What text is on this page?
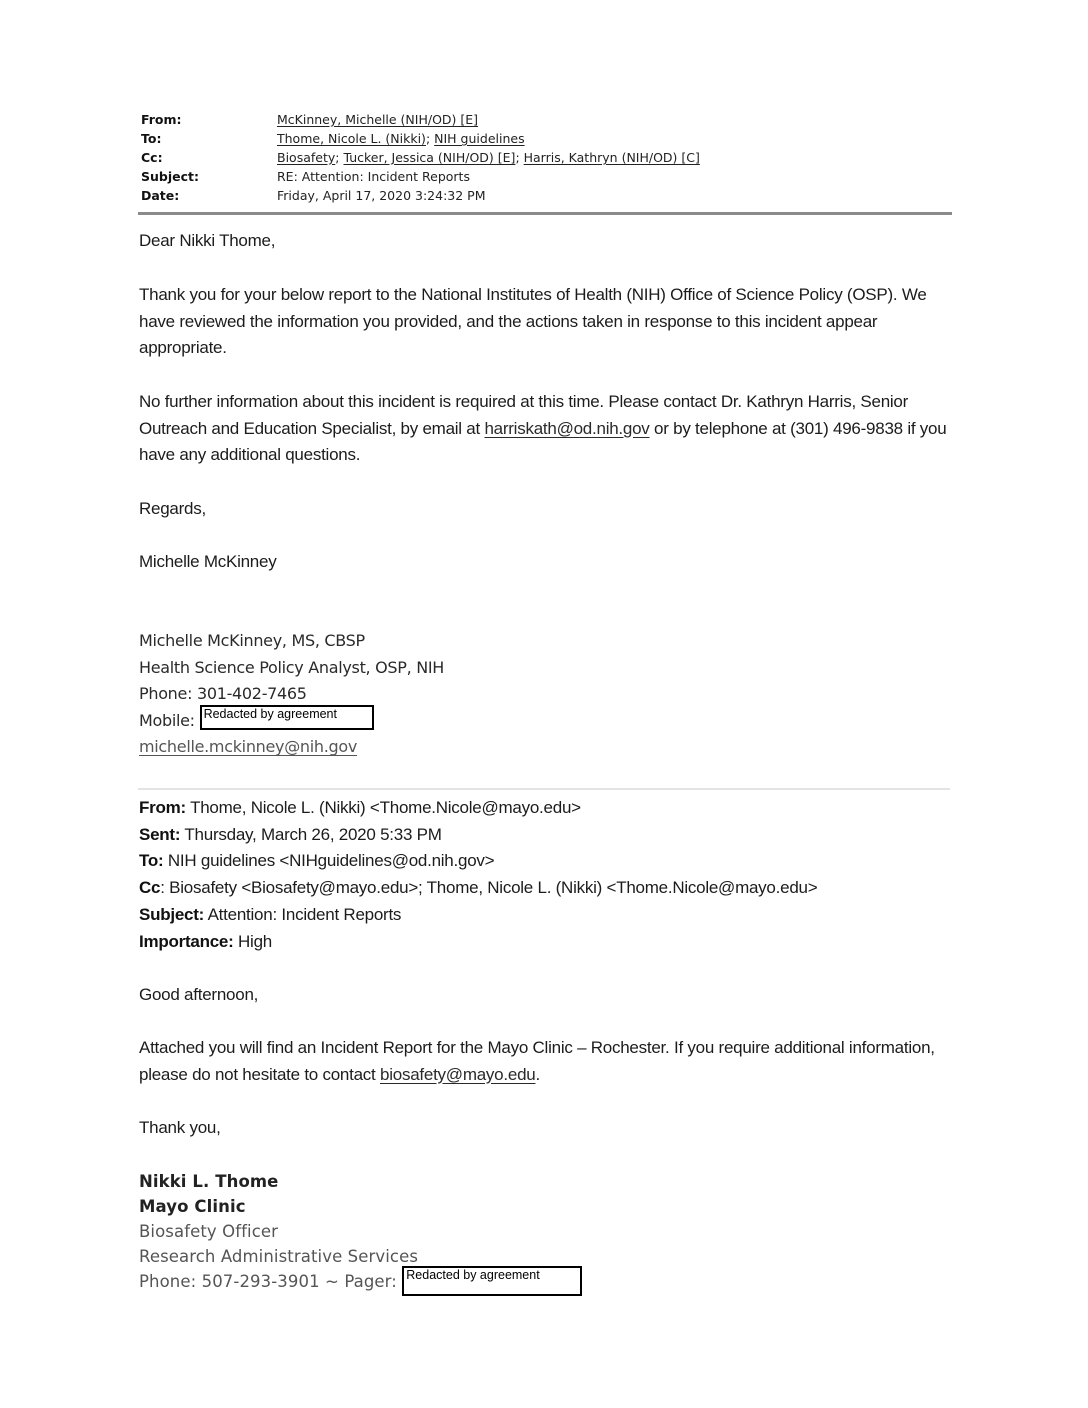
From:	McKinney, Michelle (NIH/OD) [E]
To:	Thome, Nicole L. (Nikki); NIH guidelines
Cc:	Biosafety; Tucker, Jessica (NIH/OD) [E]; Harris, Kathryn (NIH/OD) [C]
Subject:	RE: Attention: Incident Reports
Date:	Friday, April 17, 2020 3:24:32 PM
Dear Nikki Thome,
Thank you for your below report to the National Institutes of Health (NIH) Office of Science Policy (OSP). We have reviewed the information you provided, and the actions taken in response to this incident appear appropriate.
No further information about this incident is required at this time. Please contact Dr. Kathryn Harris, Senior Outreach and Education Specialist, by email at harriskath@od.nih.gov or by telephone at (301) 496-9838 if you have any additional questions.
Regards,
Michelle McKinney
Michelle McKinney, MS, CBSP
Health Science Policy Analyst, OSP, NIH
Phone: 301-402-7465
Mobile: Redacted by agreement
michelle.mckinney@nih.gov
From: Thome, Nicole L. (Nikki) <Thome.Nicole@mayo.edu>
Sent: Thursday, March 26, 2020 5:33 PM
To: NIH guidelines <NIHguidelines@od.nih.gov>
Cc: Biosafety <Biosafety@mayo.edu>; Thome, Nicole L. (Nikki) <Thome.Nicole@mayo.edu>
Subject: Attention: Incident Reports
Importance: High
Good afternoon,
Attached you will find an Incident Report for the Mayo Clinic – Rochester. If you require additional information, please do not hesitate to contact biosafety@mayo.edu.
Thank you,
Nikki L. Thome
Mayo Clinic
Biosafety Officer
Research Administrative Services
Phone: 507-293-3901 ~ Pager: Redacted by agreement
